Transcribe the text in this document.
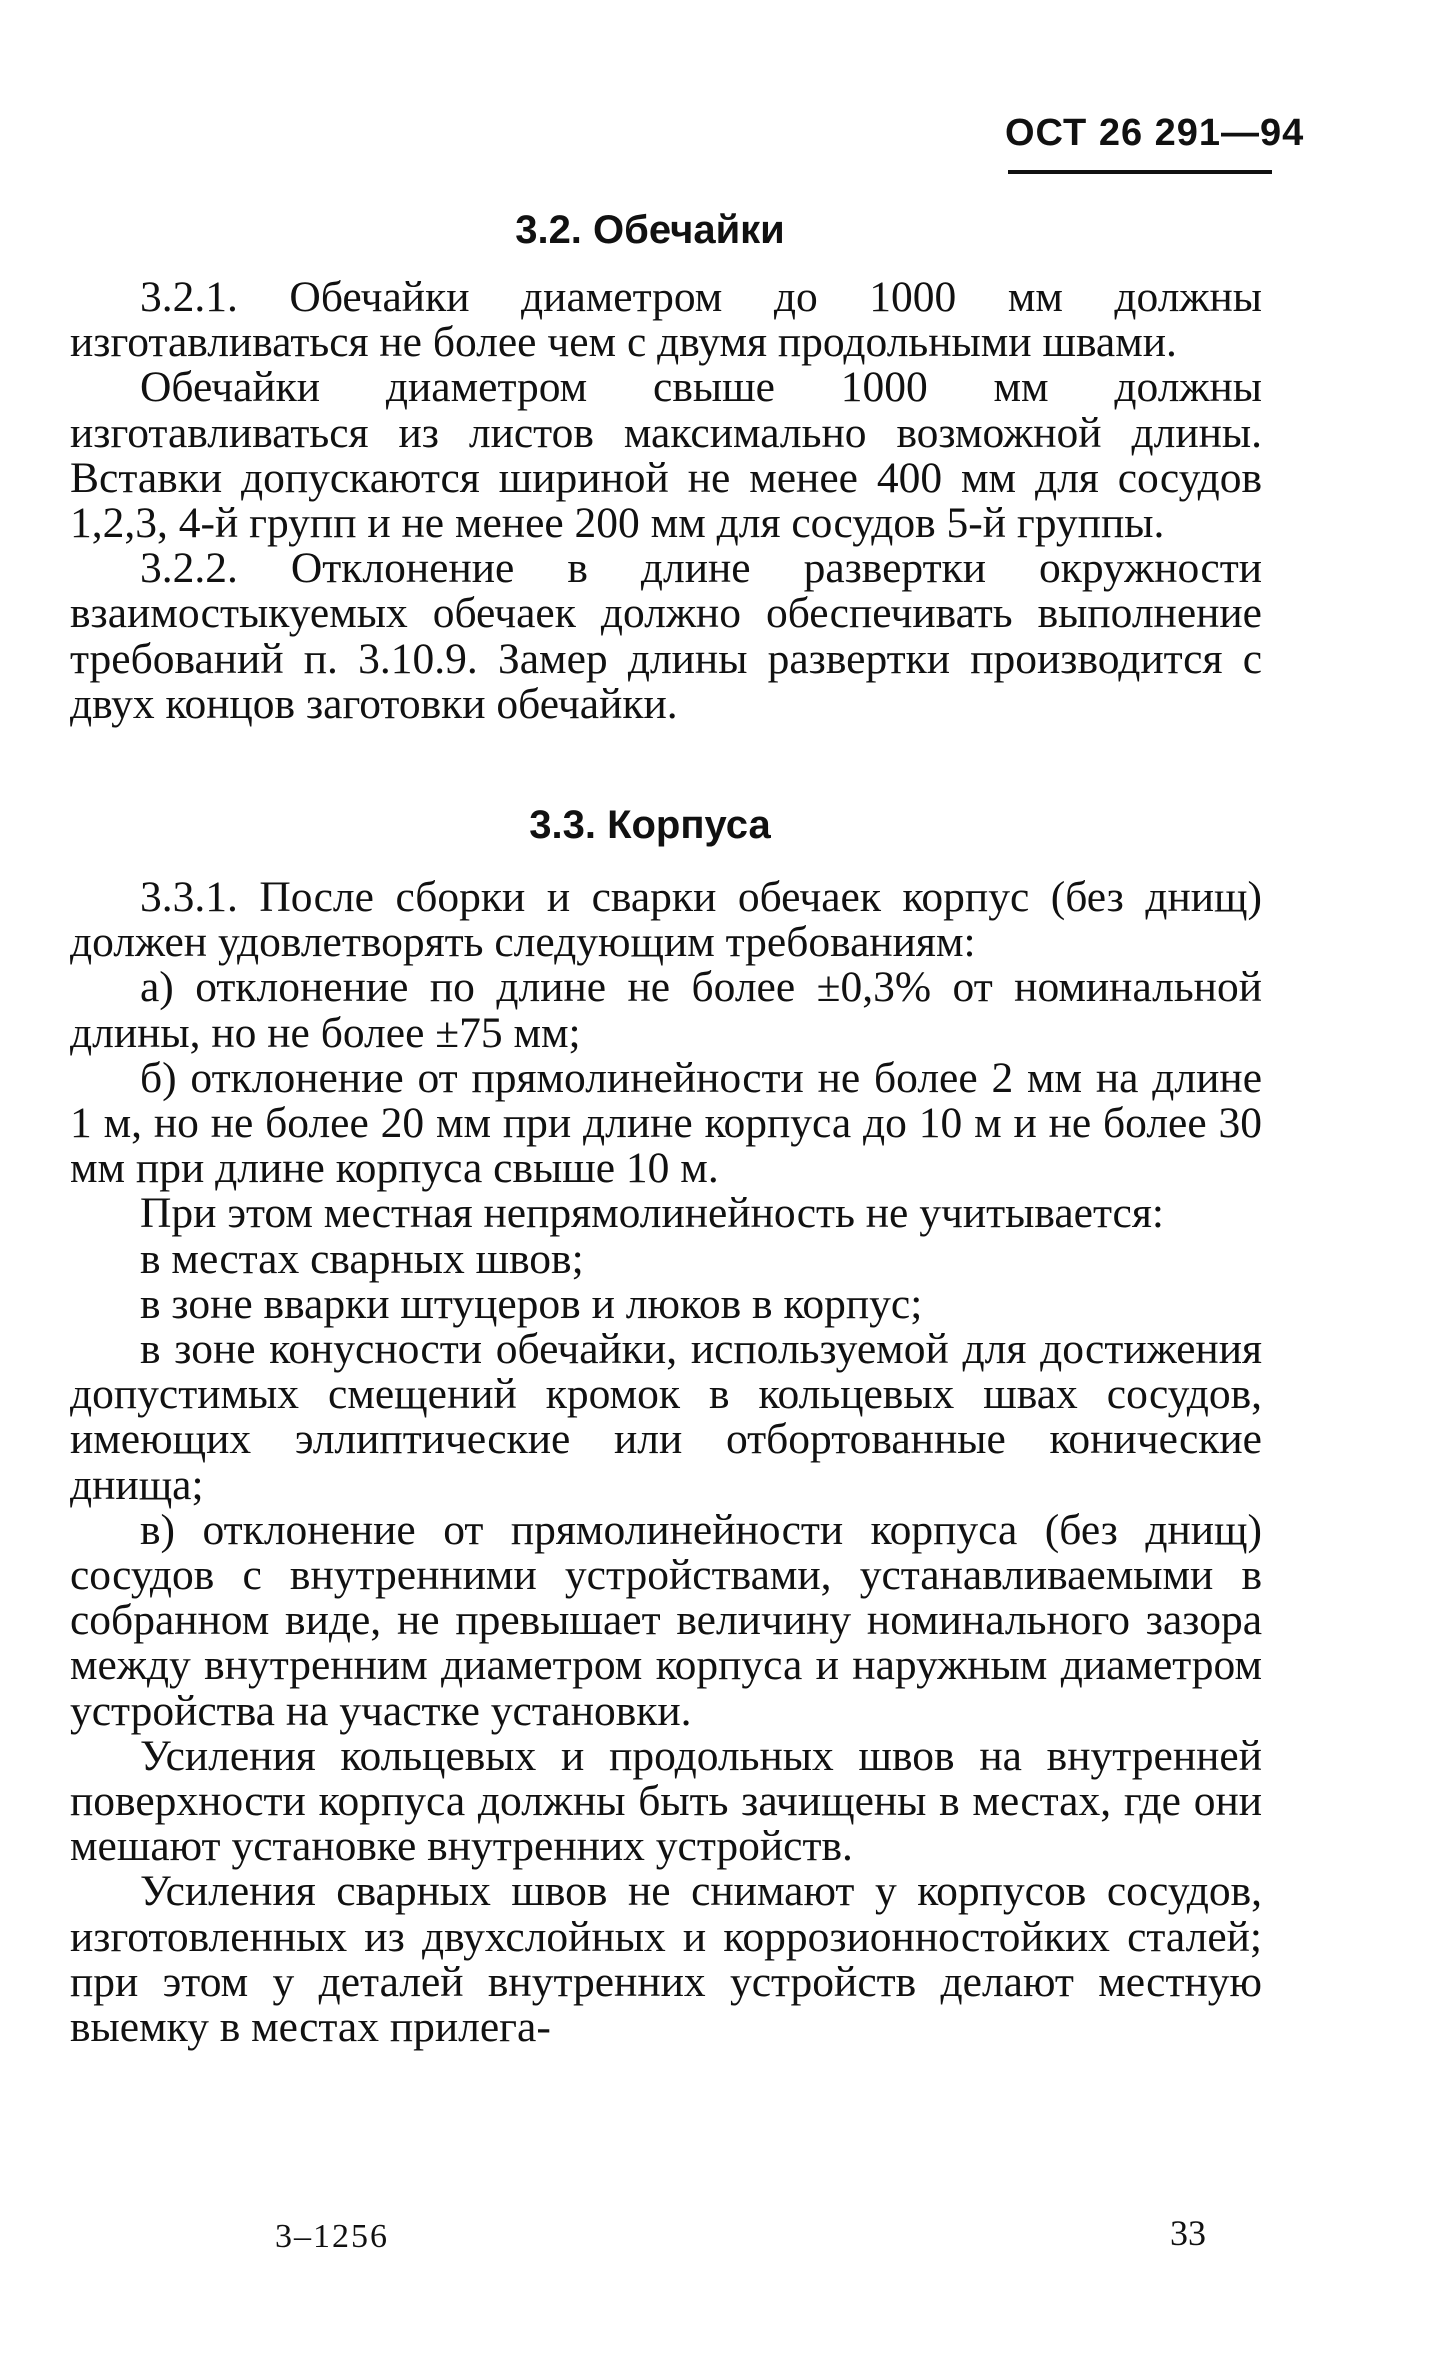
ОСТ 26 291—94
3.2. Обечайки
3.2.1. Обечайки диаметром до 1000 мм должны изготавливаться не более чем с двумя продольными швами.
Обечайки диаметром свыше 1000 мм должны изготавливаться из листов максимально возможной длины. Вставки допускаются шириной не менее 400 мм для сосудов 1,2,3, 4-й групп и не менее 200 мм для сосудов 5-й группы.
3.2.2. Отклонение в длине развертки окружности взаимостыкуемых обечаек должно обеспечивать выполнение требований п. 3.10.9. Замер длины развертки производится с двух концов заготовки обечайки.
3.3. Корпуса
3.3.1. После сборки и сварки обечаек корпус (без днищ) должен удовлетворять следующим требованиям:
а) отклонение по длине не более ±0,3% от номинальной длины, но не более ±75 мм;
б) отклонение от прямолинейности не более 2 мм на длине 1 м, но не более 20 мм при длине корпуса до 10 м и не более 30 мм при длине корпуса свыше 10 м.
При этом местная непрямолинейность не учитывается:
в местах сварных швов;
в зоне вварки штуцеров и люков в корпус;
в зоне конусности обечайки, используемой для достижения допустимых смещений кромок в кольцевых швах сосудов, имеющих эллиптические или отбортованные конические днища;
в) отклонение от прямолинейности корпуса (без днищ) сосудов с внутренними устройствами, устанавливаемыми в собранном виде, не превышает величину номинального зазора между внутренним диаметром корпуса и наружным диаметром устройства на участке установки.
Усиления кольцевых и продольных швов на внутренней поверхности корпуса должны быть зачищены в местах, где они мешают установке внутренних устройств.
Усиления сварных швов не снимают у корпусов сосудов, изготовленных из двухслойных и коррозионностойких сталей; при этом у деталей внутренних устройств делают местную выемку в местах прилега-
3–1256	33
